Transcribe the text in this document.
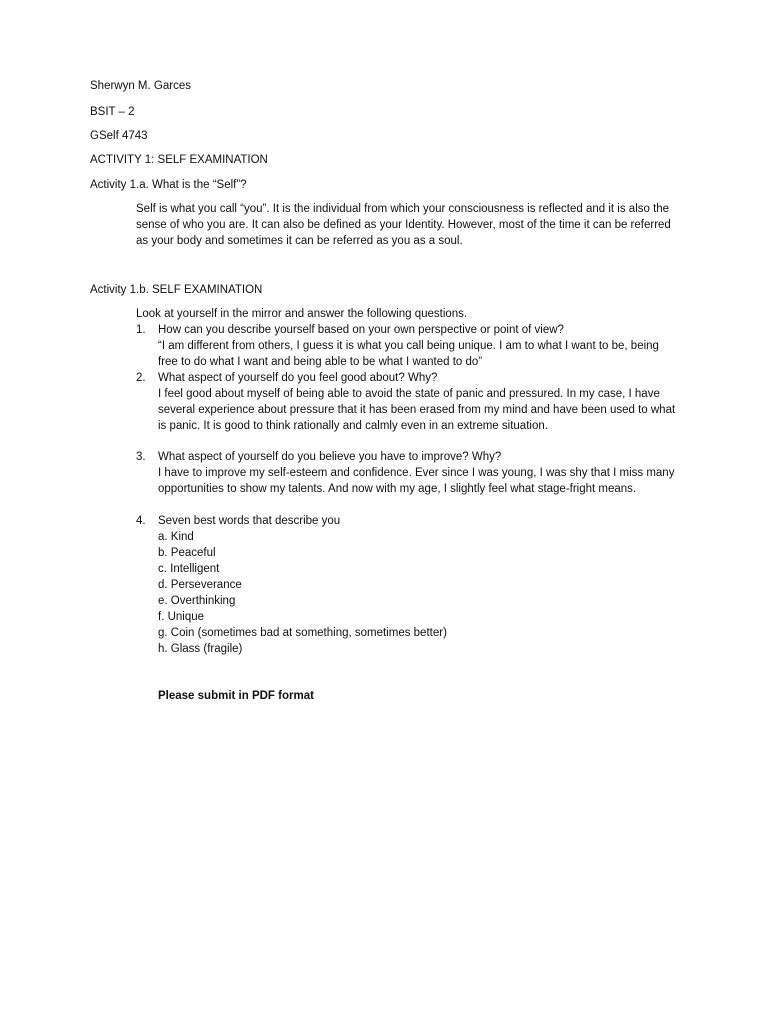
Sherwyn M. Garces
BSIT – 2
GSelf 4743
ACTIVITY 1: SELF EXAMINATION
Activity 1.a. What is the “Self”?
Self is what you call “you”. It is the individual from which your consciousness is reflected and it is also the sense of who you are. It can also be defined as your Identity. However, most of the time it can be referred as your body and sometimes it can be referred as you as a soul.
Activity 1.b. SELF EXAMINATION
Look at yourself in the mirror and answer the following questions.
1.	How can you describe yourself based on your own perspective or point of view?
“I am different from others, I guess it is what you call being unique. I am to what I want to be, being free to do what I want and being able to be what I wanted to do”
2.	What aspect of yourself do you feel good about? Why?
I feel good about myself of being able to avoid the state of panic and pressured. In my case, I have several experience about pressure that it has been erased from my mind and have been used to what is panic. It is good to think rationally and calmly even in an extreme situation.
3.	What aspect of yourself do you believe you have to improve? Why?
I have to improve my self-esteem and confidence. Ever since I was young, I was shy that I miss many opportunities to show my talents. And now with my age, I slightly feel what stage-fright means.
4.	Seven best words that describe you
a. Kind
b. Peaceful
c. Intelligent
d. Perseverance
e. Overthinking
f. Unique
g. Coin (sometimes bad at something, sometimes better)
h. Glass (fragile)
Please submit in PDF format
